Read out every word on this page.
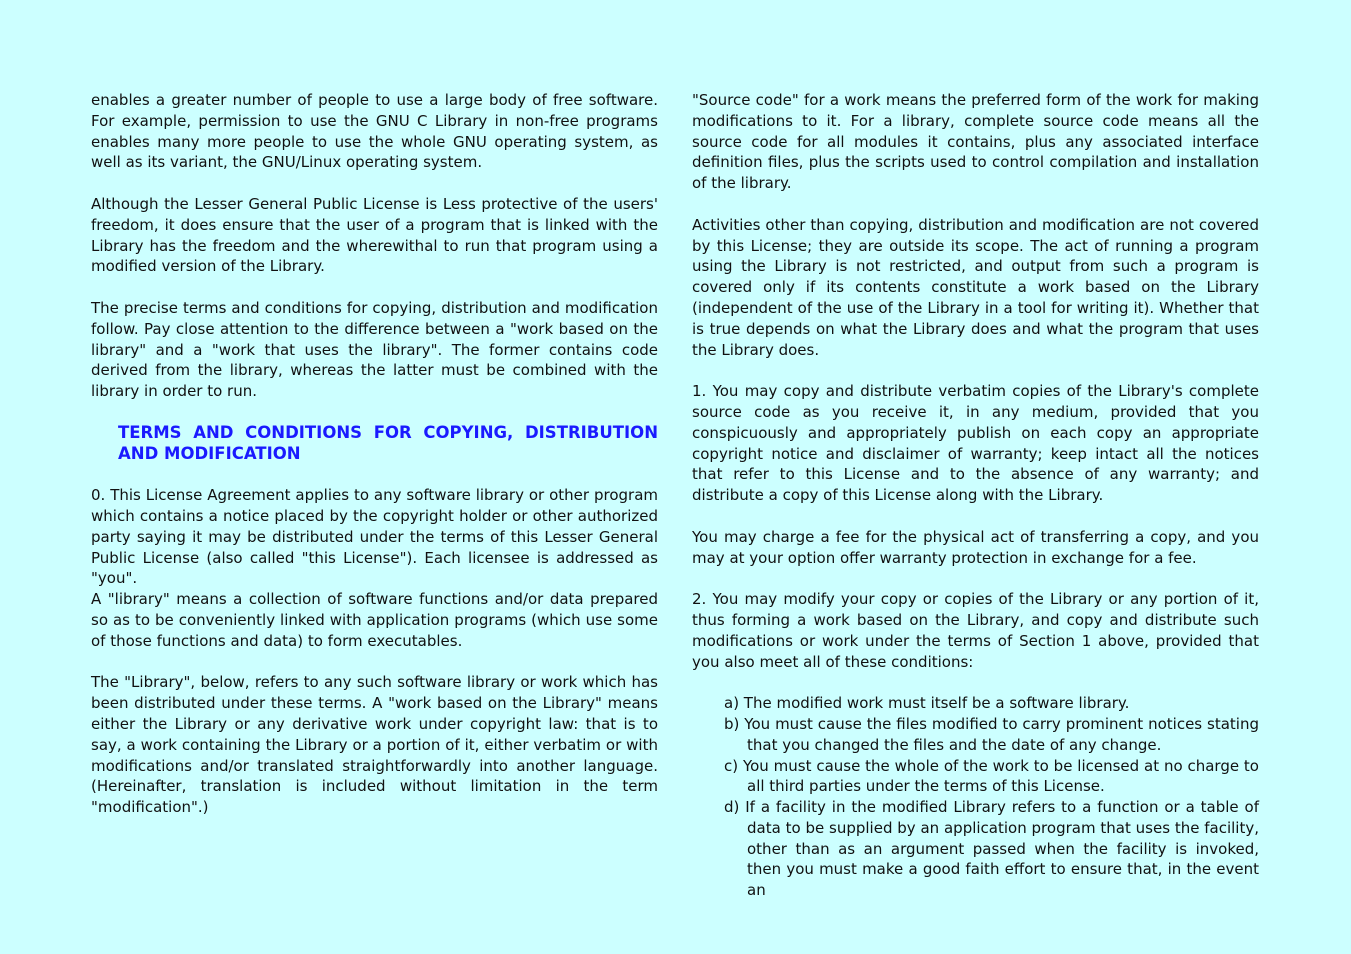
enables a greater number of people to use a large body of free software. For example, permission to use the GNU C Library in non-free programs enables many more people to use the whole GNU operating system, as well as its variant, the GNU/Linux operating system.

Although the Lesser General Public License is Less protective of the users' freedom, it does ensure that the user of a program that is linked with the Library has the freedom and the wherewithal to run that program using a modified version of the Library.

The precise terms and conditions for copying, distribution and modification follow. Pay close attention to the difference between a "work based on the library" and a "work that uses the library". The former contains code derived from the library, whereas the latter must be combined with the library in order to run.

TERMS AND CONDITIONS FOR COPYING, DISTRIBUTION AND MODIFICATION

0. This License Agreement applies to any software library or other program which contains a notice placed by the copyright holder or other authorized party saying it may be distributed under the terms of this Lesser General Public License (also called "this License"). Each licensee is addressed as "you".

A "library" means a collection of software functions and/or data prepared so as to be conveniently linked with application programs (which use some of those functions and data) to form executables.

The "Library", below, refers to any such software library or work which has been distributed under these terms. A "work based on the Library" means either the Library or any derivative work under copyright law: that is to say, a work containing the Library or a portion of it, either verbatim or with modifications and/or translated straightforwardly into another language. (Hereinafter, translation is included without limitation in the term "modification".)

"Source code" for a work means the preferred form of the work for making modifications to it. For a library, complete source code means all the source code for all modules it contains, plus any associated interface definition files, plus the scripts used to control compilation and installation of the library.

Activities other than copying, distribution and modification are not covered by this License; they are outside its scope. The act of running a program using the Library is not restricted, and output from such a program is covered only if its contents constitute a work based on the Library (independent of the use of the Library in a tool for writing it). Whether that is true depends on what the Library does and what the program that uses the Library does.

1. You may copy and distribute verbatim copies of the Library's complete source code as you receive it, in any medium, provided that you conspicuously and appropriately publish on each copy an appropriate copyright notice and disclaimer of warranty; keep intact all the notices that refer to this License and to the absence of any warranty; and distribute a copy of this License along with the Library.

You may charge a fee for the physical act of transferring a copy, and you may at your option offer warranty protection in exchange for a fee.

2. You may modify your copy or copies of the Library or any portion of it, thus forming a work based on the Library, and copy and distribute such modifications or work under the terms of Section 1 above, provided that you also meet all of these conditions:

a) The modified work must itself be a software library.
b) You must cause the files modified to carry prominent notices stating that you changed the files and the date of any change.
c) You must cause the whole of the work to be licensed at no charge to all third parties under the terms of this License.
d) If a facility in the modified Library refers to a function or a table of data to be supplied by an application program that uses the facility, other than as an argument passed when the facility is invoked, then you must make a good faith effort to ensure that, in the event an
